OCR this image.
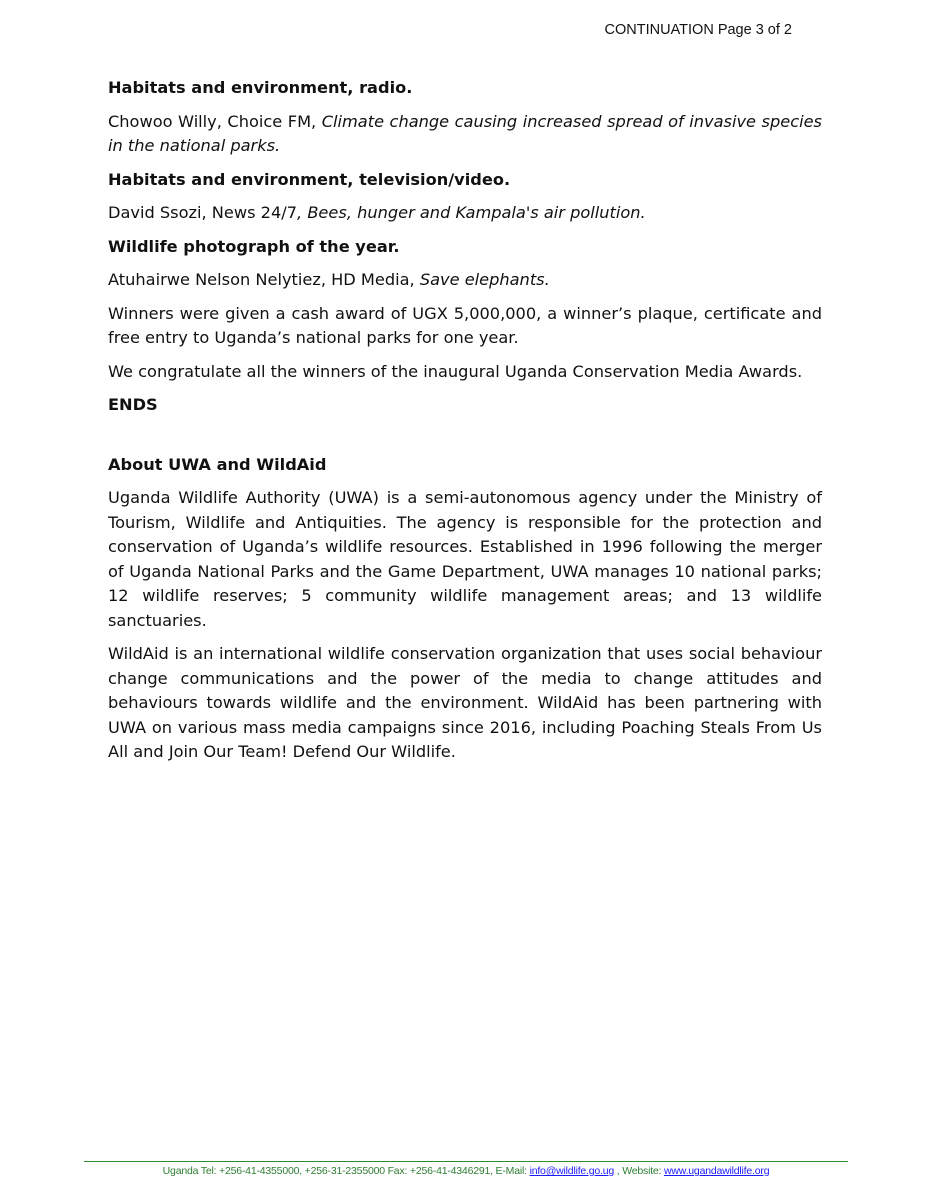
CONTINUATION Page 3 of 2

Habitats and environment, radio.

Chowoo Willy, Choice FM, Climate change causing increased spread of invasive species in the national parks.

Habitats and environment, television/video.

David Ssozi, News 24/7, Bees, hunger and Kampala's air pollution.

Wildlife photograph of the year.

Atuhairwe Nelson Nelytiez, HD Media, Save elephants.

Winners were given a cash award of UGX 5,000,000, a winner’s plaque, certificate and free entry to Uganda’s national parks for one year.

We congratulate all the winners of the inaugural Uganda Conservation Media Awards.

ENDS

About UWA and WildAid

Uganda Wildlife Authority (UWA) is a semi-autonomous agency under the Ministry of Tourism, Wildlife and Antiquities. The agency is responsible for the protection and conservation of Uganda’s wildlife resources. Established in 1996 following the merger of Uganda National Parks and the Game Department, UWA manages 10 national parks; 12 wildlife reserves; 5 community wildlife management areas; and 13 wildlife sanctuaries.

WildAid is an international wildlife conservation organization that uses social behaviour change communications and the power of the media to change attitudes and behaviours towards wildlife and the environment. WildAid has been partnering with UWA on various mass media campaigns since 2016, including Poaching Steals From Us All and Join Our Team! Defend Our Wildlife.

Uganda Tel: +256-41-4355000, +256-31-2355000 Fax: +256-41-4346291, E-Mail: info@wildlife.go.ug , Website: www.ugandawildlife.org
